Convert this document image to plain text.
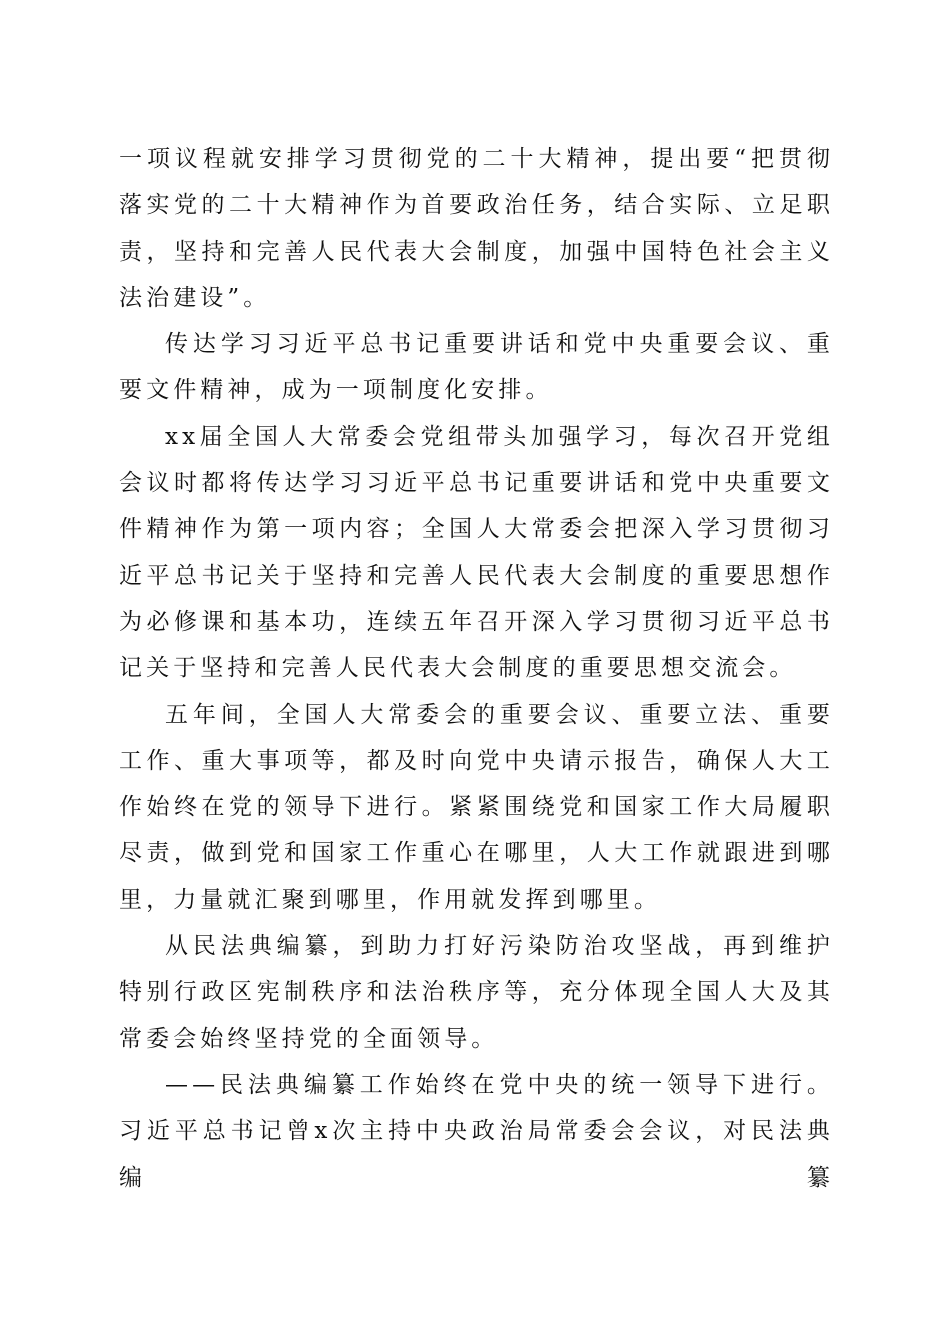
一项议程就安排学习贯彻党的二十大精神，提出要“把贯彻落实党的二十大精神作为首要政治任务，结合实际、立足职责，坚持和完善人民代表大会制度，加强中国特色社会主义法治建设”。

传达学习习近平总书记重要讲话和党中央重要会议、重要文件精神，成为一项制度化安排。

xx届全国人大常委会党组带头加强学习，每次召开党组会议时都将传达学习习近平总书记重要讲话和党中央重要文件精神作为第一项内容；全国人大常委会把深入学习贯彻习近平总书记关于坚持和完善人民代表大会制度的重要思想作为必修课和基本功，连续五年召开深入学习贯彻习近平总书记关于坚持和完善人民代表大会制度的重要思想交流会。

五年间，全国人大常委会的重要会议、重要立法、重要工作、重大事项等，都及时向党中央请示报告，确保人大工作始终在党的领导下进行。紧紧围绕党和国家工作大局履职尽责，做到党和国家工作重心在哪里，人大工作就跟进到哪里，力量就汇聚到哪里，作用就发挥到哪里。

从民法典编纂，到助力打好污染防治攻坚战，再到维护特别行政区宪制秩序和法治秩序等，充分体现全国人大及其常委会始终坚持党的全面领导。

——民法典编纂工作始终在党中央的统一领导下进行。习近平总书记曾x次主持中央政治局常委会会议，对民法典编纂
